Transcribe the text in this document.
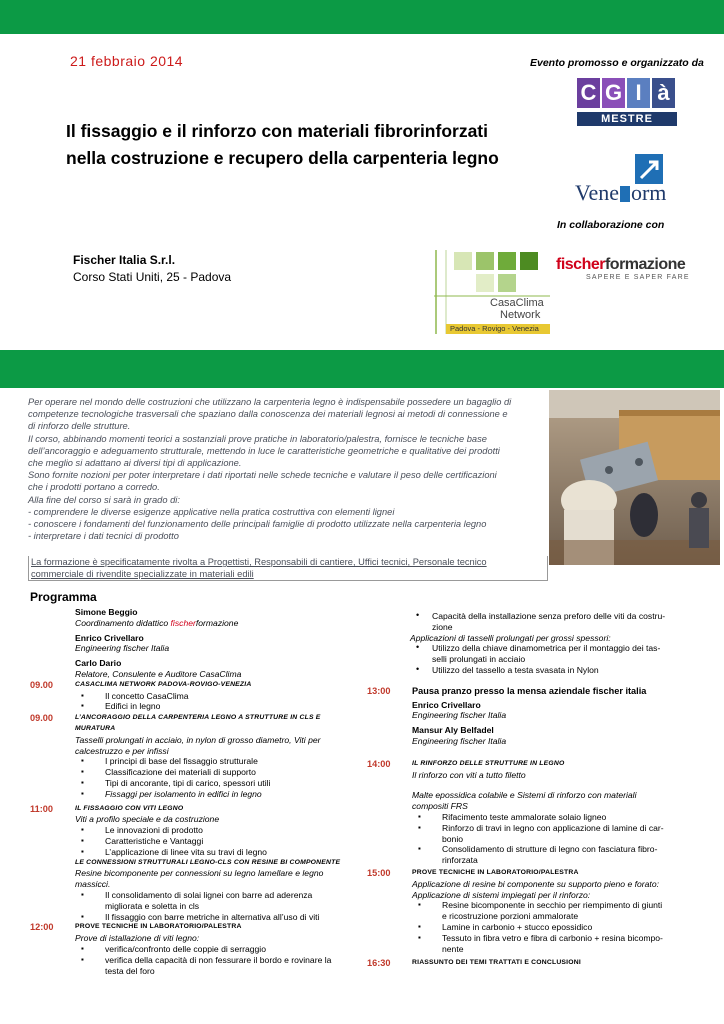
21 febbraio 2014	Evento promosso e organizzato da
C G I à
MESTRE
Il fissaggio e il rinforzo con materiali fibrorinforzati
nella costruzione e recupero della carpenteria legno
Vene orm
In collaborazione con
Fischer Italia S.r.l.
Corso Stati Uniti, 25 - Padova
CasaClima
Network
Padova - Rovigo - Venezia
fischerformazione
SAPERE E SAPER FARE

Per operare nel mondo delle costruzioni che utilizzano la carpenteria legno è indispensabile possedere un bagaglio di

competenze tecnologiche trasversali che spaziano dalla conoscenza dei materiali legnosi ai metodi di connessione e

di rinforzo delle strutture.

Il corso, abbinando momenti teorici a sostanziali prove pratiche in laboratorio/palestra, fornisce le tecniche base

dell’ancoraggio e adeguamento strutturale, mettendo in luce le caratteristiche geometriche e qualitative dei prodotti

che meglio si adattano ai diversi tipi di applicazione.

Sono fornite nozioni per poter interpretare i dati riportati nelle schede tecniche e valutare il peso delle certificazioni

che i prodotti portano a corredo.

Alla fine del corso si sarà in grado di:

- comprendere le diverse esigenze applicative nella pratica costruttiva con elementi lignei

- conoscere i fondamenti del funzionamento delle principali famiglie di prodotto utilizzate nella carpenteria legno

- interpretare i dati tecnici di prodotto

La formazione è specificatamente rivolta a Progettisti, Responsabili di cantiere, Uffici tecnici, Personale tecnico
commerciale di rivendite specializzate in materiali edili
Programma
Simone Beggio
Coordinamento didattico fischerformazione
Enrico Crivellaro
Engineering fischer Italia
Carlo Dario
Relatore, Consulente e Auditore CasaClima
09.00	CASACLIMA NETWORK PADOVA-ROVIGO-VENEZIA
▪ Il concetto CasaClima
▪ Edifici in legno
09.00	L’ANCORAGGIO DELLA CARPENTERIA LEGNO A STRUTTURE IN CLS E MURATURA
Tasselli prolungati in acciaio, in nylon di grosso diametro, Viti per
calcestruzzo e per infissi
▪ I principi di base del fissaggio strutturale
▪ Classificazione dei materiali di supporto
▪ Tipi di ancorante, tipi di carico, spessori utili
▪ Fissaggi per isolamento in edifici in legno
11:00	IL FISSAGGIO CON VITI LEGNO
Viti a profilo speciale e da costruzione
▪ Le innovazioni di prodotto
▪ Caratteristiche e Vantaggi
▪ L’applicazione di linee vita su travi di legno
LE CONNESSIONI STRUTTURALI LEGNO-CLS CON RESINE BI COMPONENTE
Resine bicomponente per connessioni su legno lamellare e legno
massicci.
▪ Il consolidamento di solai lignei con barre ad aderenza
migliorata e soletta in cls
▪ Il fissaggio con barre metriche in alternativa all’uso di viti
12:00	PROVE TECNICHE IN LABORATORIO/PALESTRA
Prove di istallazione di viti legno:
▪ verifica/confronto delle coppie di serraggio
▪ verifica della capacità di non fessurare il bordo e rovinare la
testa del foro
• Capacità della installazione senza preforo delle viti da costru-
zione
Applicazioni di tasselli prolungati per grossi spessori:
• Utilizzo della chiave dinamometrica per il montaggio dei tas-
selli prolungati in acciaio
• Utilizzo del tassello a testa svasata in Nylon
13:00 Pausa pranzo presso la mensa aziendale fischer italia
Enrico Crivellaro
Engineering fischer Italia
Mansur Aly Belfadel
Engineering fischer Italia
14:00	IL RINFORZO DELLE STRUTTURE IN LEGNO
Il rinforzo con viti a tutto filetto
Malte epossidica colabile e Sistemi di rinforzo con materiali
compositi FRS
▪ Rifacimento teste ammalorate solaio ligneo
▪ Rinforzo di travi in legno con applicazione di lamine di car-
bonio
▪ Consolidamento di strutture di legno con fasciatura fibro-
rinforzata
15:00	PROVE TECNICHE IN LABORATORIO/PALESTRA
Applicazione di resine bi componente su supporto pieno e forato:
Applicazione di sistemi impiegati per il rinforzo:
▪ Resine bicomponente in secchio per riempimento di giunti
e ricostruzione porzioni ammalorate
▪ Lamine in carbonio + stucco epossidico
▪ Tessuto in fibra vetro e fibra di carbonio + resina bicompo-
nente
16:30	RIASSUNTO DEI TEMI TRATTATI E CONCLUSIONI
